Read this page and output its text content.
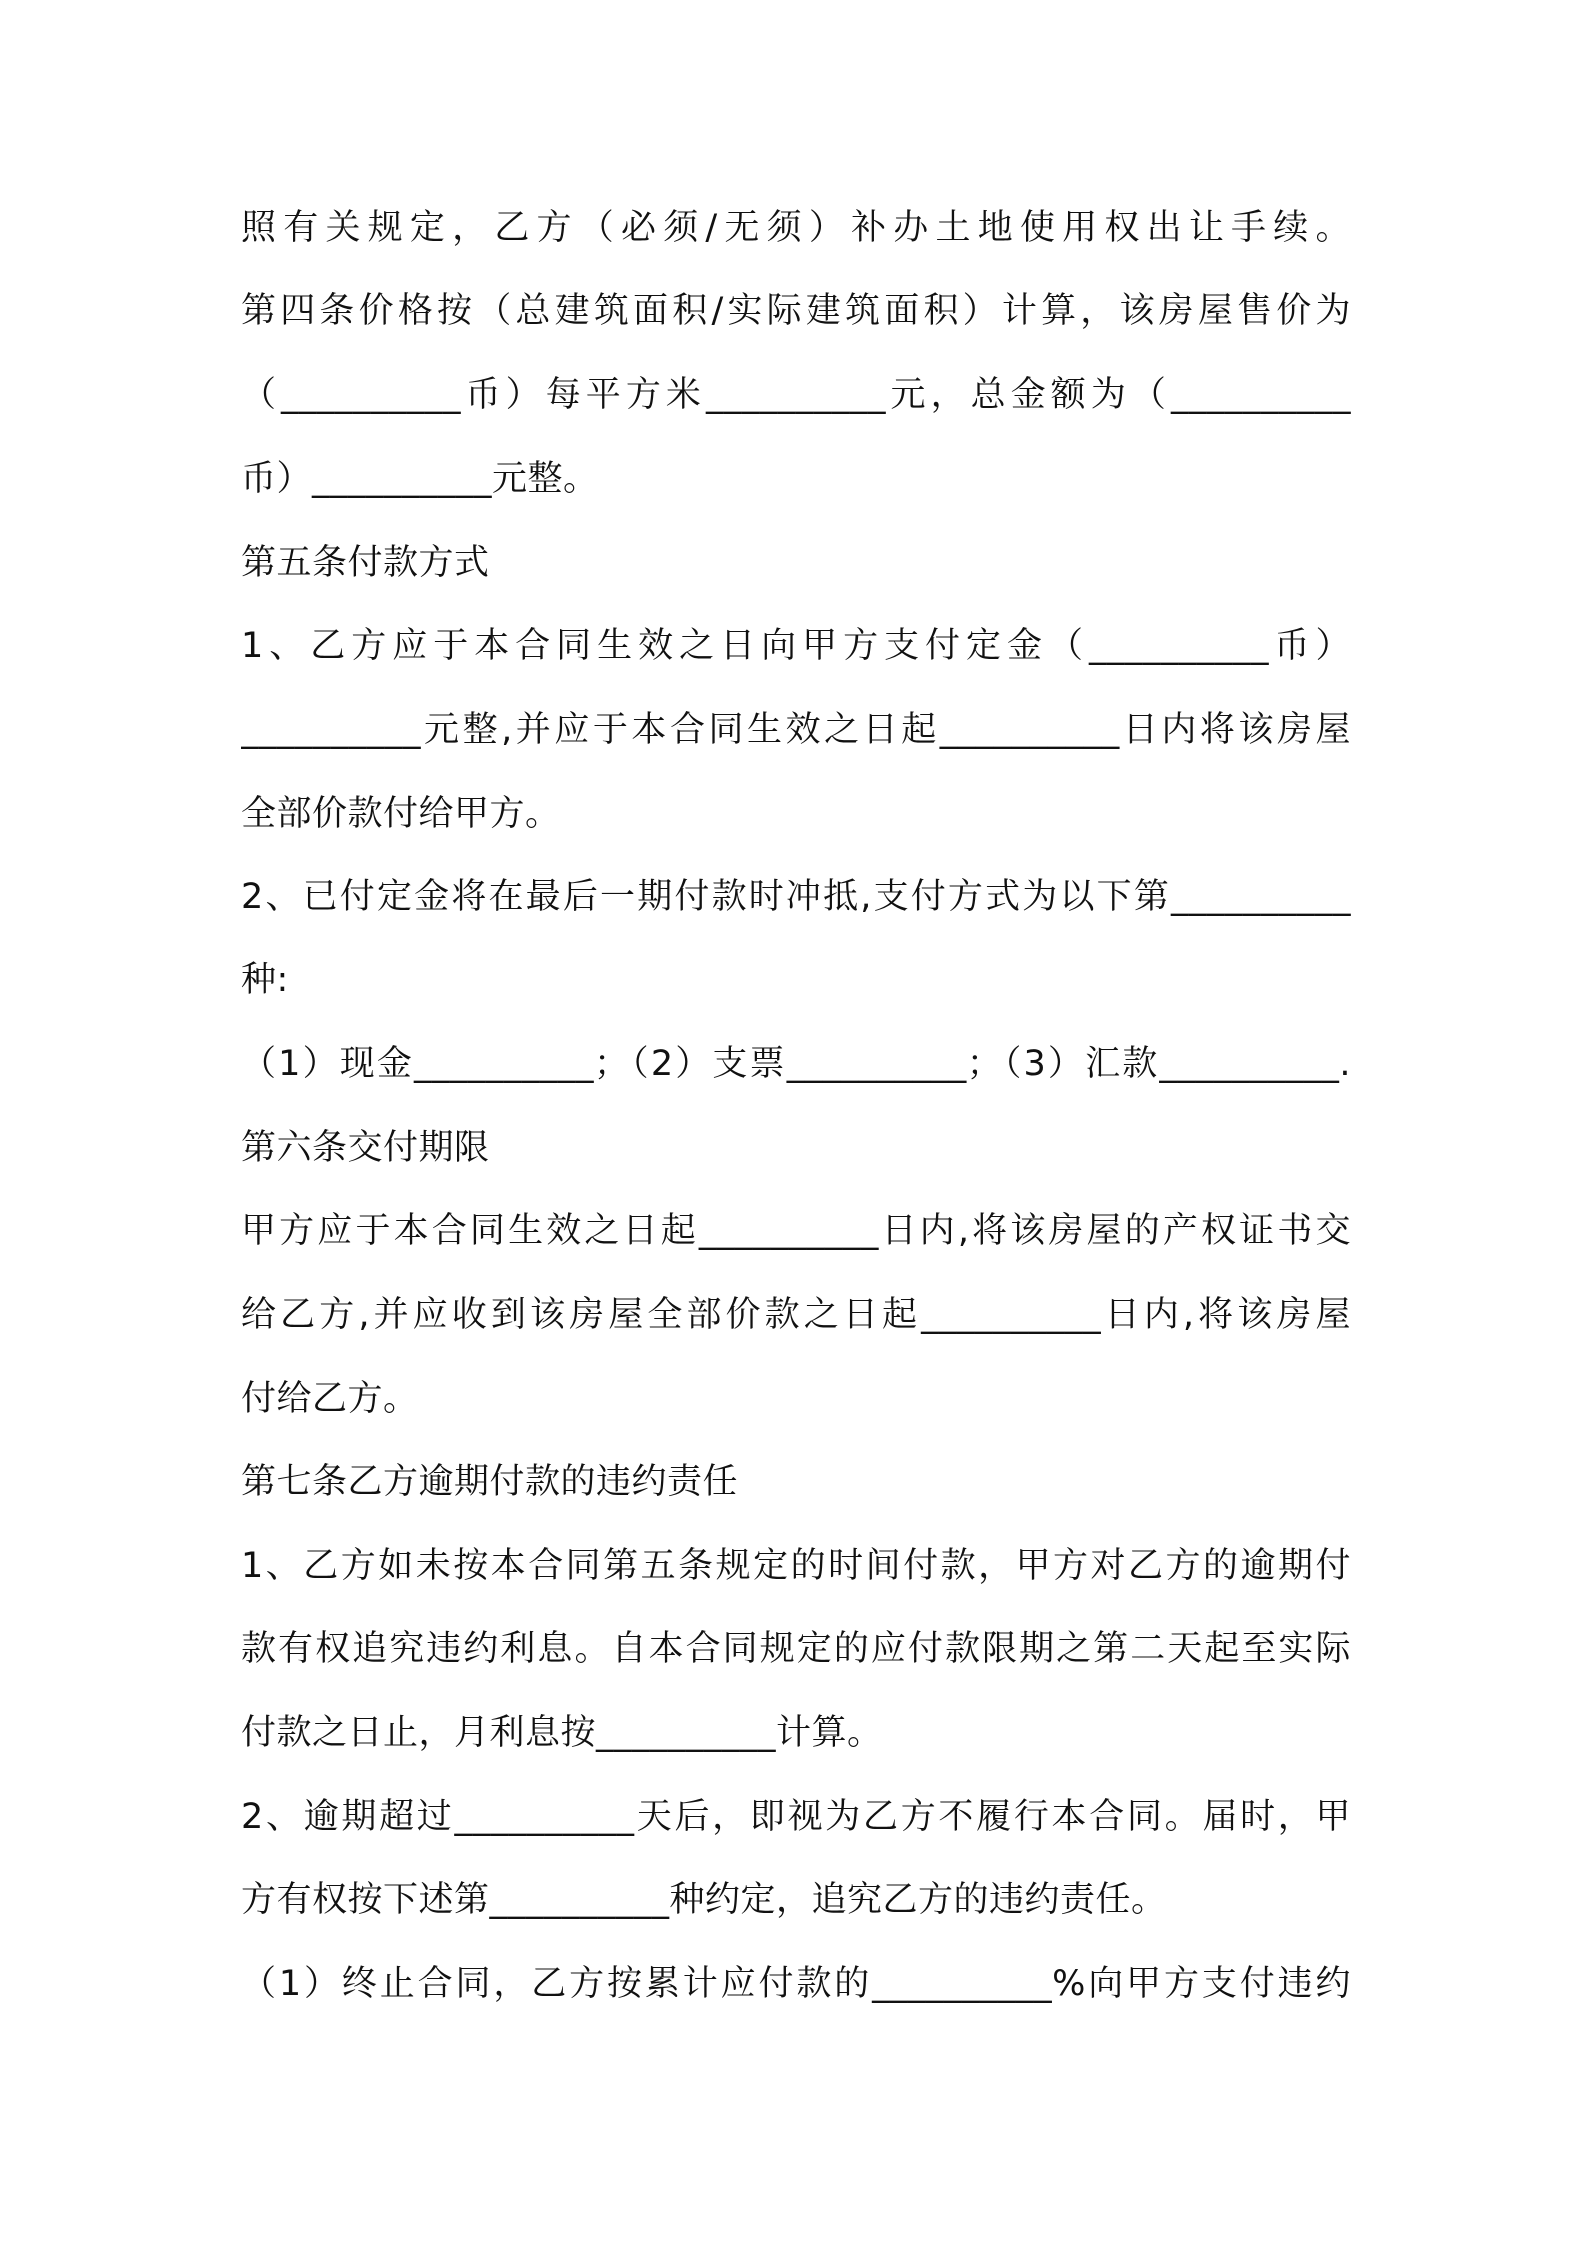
照有关规定，乙方（必须/无须）补办土地使用权出让手续。
第四条价格按（总建筑面积/实际建筑面积）计算，该房屋售价为
（__________币）每平方米__________元，总金额为（__________
币）__________元整。
第五条付款方式
1、乙方应于本合同生效之日向甲方支付定金（__________币）
__________元整,并应于本合同生效之日起__________日内将该房屋
全部价款付给甲方。
2、已付定金将在最后一期付款时冲抵,支付方式为以下第__________
种:
（1）现金__________；（2）支票__________；（3）汇款__________.
第六条交付期限
甲方应于本合同生效之日起__________日内,将该房屋的产权证书交
给乙方,并应收到该房屋全部价款之日起__________日内,将该房屋
付给乙方。
第七条乙方逾期付款的违约责任
1、乙方如未按本合同第五条规定的时间付款，甲方对乙方的逾期付
款有权追究违约利息。自本合同规定的应付款限期之第二天起至实际
付款之日止，月利息按__________计算。
2、逾期超过__________天后，即视为乙方不履行本合同。届时，甲
方有权按下述第__________种约定，追究乙方的违约责任。
（1）终止合同，乙方按累计应付款的__________%向甲方支付违约
